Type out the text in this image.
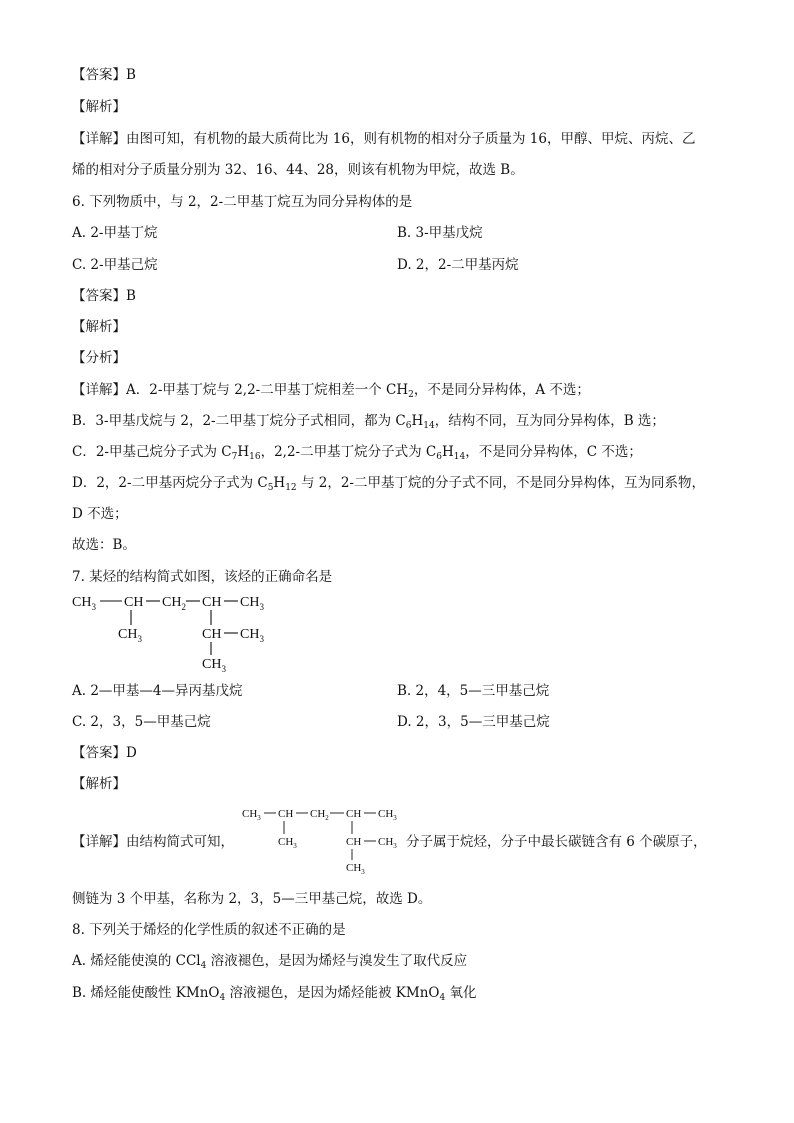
【答案】B
【解析】
【详解】由图可知，有机物的最大质荷比为 16，则有机物的相对分子质量为 16，甲醇、甲烷、丙烷、乙
烯的相对分子质量分别为 32、16、44、28，则该有机物为甲烷，故选 B。
6. 下列物质中，与 2，2-二甲基丁烷互为同分异构体的是
A. 2-甲基丁烷	B. 3-甲基戊烷
C. 2-甲基己烷	D. 2，2-二甲基丙烷
【答案】B
【解析】
【分析】
【详解】A．2-甲基丁烷与 2,2-二甲基丁烷相差一个 $CH_2$，不是同分异构体，A 不选；
B．3-甲基戊烷与 2，2-二甲基丁烷分子式相同，都为 $C_6H_{14}$，结构不同，互为同分异构体，B 选；
C．2-甲基己烷分子式为 $C_7H_{16}$，2,2-二甲基丁烷分子式为 $C_6H_{14}$，不是同分异构体，C 不选；
D．2，2-二甲基丙烷分子式为 $C_5H_{12}$ 与 2，2-二甲基丁烷的分子式不同，不是同分异构体，互为同系物，
D 不选；
故选：B。
7. 某烃的结构简式如图，该烃的正确命名是
$CH_3$ CH $CH_2$ CH $CH_3$
$CH_3$	CH $CH_3$
$CH_3$
A. 2—甲基—4—异丙基戊烷	B. 2，4，5—三甲基己烷
C. 2，3，5—甲基己烷	D. 2，3，5—三甲基己烷
【答案】D
【解析】
【详解】由结构简式可知，
$CH_3$ CH $CH_2$ CH $CH_3$
$CH_3$	CH $CH_3$
$CH_3$
分子属于烷烃，分子中最长碳链含有 6 个碳原子，
侧链为 3 个甲基，名称为 2，3，5—三甲基己烷，故选 D。
8. 下列关于烯烃的化学性质的叙述不正确的是
A. 烯烃能使溴的 CCl$_4$ 溶液褪色，是因为烯烃与溴发生了取代反应
B. 烯烃能使酸性 KMnO$_4$ 溶液褪色，是因为烯烃能被 KMnO$_4$ 氧化
